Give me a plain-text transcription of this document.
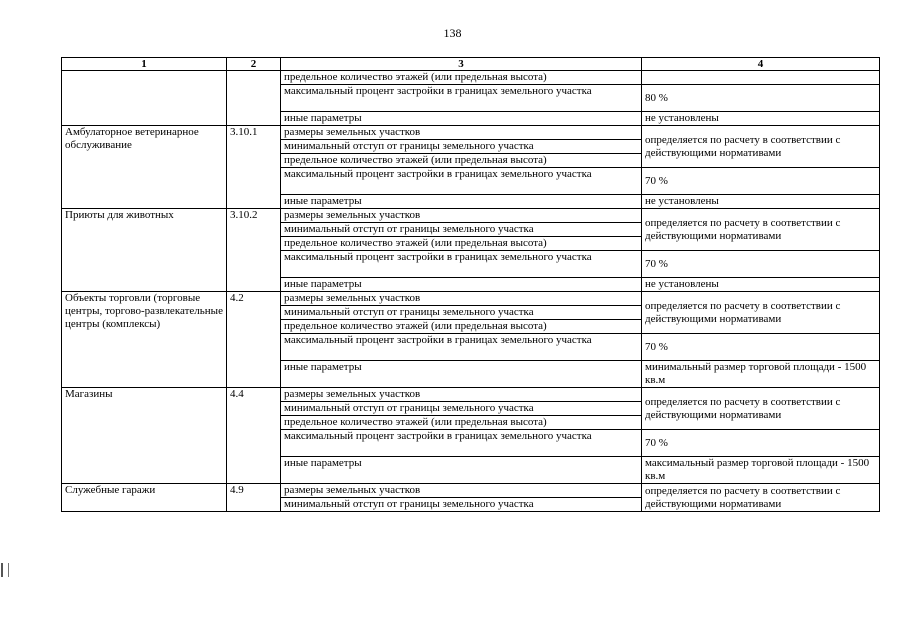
138
1	2	3	4
		предельное количество этажей (или предельная высота)	
		максимальный процент застройки в границах земельного участка	80 %
		иные параметры	не установлены
Амбулаторное ветеринарное обслуживание	3.10.1	размеры земельных участков	определяется по расчету в соответствии с действующими нормативами
		минимальный отступ от границы земельного участка	
		предельное количество этажей (или предельная высота)	
		максимальный процент застройки в границах земельного участка	70 %
		иные параметры	не установлены
Приюты для животных	3.10.2	размеры земельных участков	определяется по расчету в соответствии с действующими нормативами
		минимальный отступ от границы земельного участка	
		предельное количество этажей (или предельная высота)	
		максимальный процент застройки в границах земельного участка	70 %
		иные параметры	не установлены
Объекты торговли (торговые центры, торгово-развлекательные центры (комплексы)	4.2	размеры земельных участков	определяется по расчету в соответствии с действующими нормативами
		минимальный отступ от границы земельного участка	
		предельное количество этажей (или предельная высота)	
		максимальный процент застройки в границах земельного участка	70 %
		иные параметры	минимальный размер торговой площади - 1500 кв.м
Магазины	4.4	размеры земельных участков	определяется по расчету в соответствии с действующими нормативами
		минимальный отступ от границы земельного участка	
		предельное количество этажей (или предельная высота)	
		максимальный процент застройки в границах земельного участка	70 %
		иные параметры	максимальный размер торговой площади - 1500 кв.м
Служебные гаражи	4.9	размеры земельных участков	определяется по расчету в соответствии с действующими нормативами
		минимальный отступ от границы земельного участка	
